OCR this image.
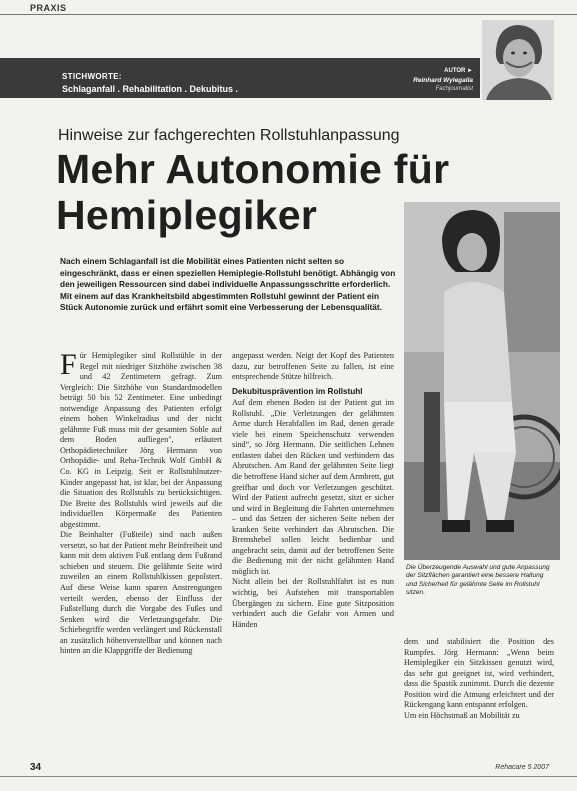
PRAXIS
STICHWORTE:
Schlaganfall . Rehabilitation . Dekubitus .
AUTOR ►
Reinhard Wylegalla
Fachjournalist
Hinweise zur fachgerechten Rollstuhlanpassung
Mehr Autonomie für
Hemiplegiker
Nach einem Schlaganfall ist die Mobilität eines Patienten nicht selten so eingeschränkt, dass er einen speziellen Hemiplegie-Rollstuhl benötigt. Abhängig von den jeweiligen Ressourcen sind dabei individuelle Anpassungsschritte erforderlich. Mit einem auf das Krankheitsbild abgestimmten Rollstuhl gewinnt der Patient ein Stück Autonomie zurück und erfährt somit eine Verbesserung der Lebensqualität.

Für Hemiplegiker sind Rollstühle in der Regel mit niedriger Sitzhöhe zwischen 38 und 42 Zentimetern gefragt. Zum Vergleich: Die Sitzhöhe von Standardmodellen beträgt 50 bis 52 Zentimeter. Eine unbedingt notwendige Anpassung des Patienten erfolgt einem hohen Winkelradius und der nicht gelähmte Fuß muss mit der gesamten Sohle auf dem Boden aufliegen", erläutert Orthopädietechniker Jörg Hermann von Orthopädie- und Reha-Technik Wolf GmbH & Co. KG in Leipzig. Seit er Rollstuhlnutzer-Kinder angepasst hat, ist klar, bei der Anpassung die Situation des Rollstuhls zu berücksichtigen. Die Breite des Rollstuhls wird jeweils auf die individuellen Körpermaße des Patienten abgestimmt.

Die Beinhalter (Fußteile) sind nach außen versetzt, so hat der Patient mehr Beinfreiheit und kann mit dem aktiven Fuß entlang dem Fußrand schieben und steuern. Die gelähmte Seite wird zuweilen an einem Rollstuhlkissen gepolstert. Auf diese Weise kann sparen Anstrengungen verteilt werden, ebenso der Einfluss der Fußstellung durch die Vorgabe des Fußes und Senken wird die Verletzungsgefahr. Die Schiebegriffe werden verlängert und Rückenstall an zusätzlich höhenverstellbar und können nach hinten an die Klappgriffe der Bedienung

angepasst werden. Neigt der Kopf des Patienten dazu, zur betroffenen Seite zu fallen, ist eine entsprechende Stütze hilfreich.

Dekubitusprävention im Rollstuhl

Auf dem ebenen Boden ist der Patient gut im Rollstuhl. „Die Verletzungen der gelähmten Arme durch Herabfallen im Rad, denen gerade viele bei einem Speichenschutz verwenden sind“, so Jörg Hermann. Die seitlichen Lehnen entlasten dabei den Rücken und verhindern das Abrutschen. Am Rand der gelähmten Seite liegt die betroffene Hand sicher auf dem Armbrett, gut greifbar und doch vor Verletzungen geschützt. Wird der Patient aufrecht gesetzt, sitzt er sicher und wird in Begleitung die Fahrten unternehmen – und das Setzen der sicheren Seite neben der kranken Seite verhindert das Abrutschen. Die Bremshebel sollen leicht bedienbar und angebracht sein, damit auf der betroffenen Seite die Bedienung mit der nicht gelähmten Hand möglich ist.

Nicht allein bei der Rollstuhlfahrt ist es nun wichtig, bei Aufstehen mit transportablen Übergängen zu sichern. Eine gute Sitzposition verhindert auch die Gefahr von Armen und Händen

Die Überzeugende Auswahl und gute Anpassung der Sitzflächen garantiert eine bessere Haltung und Sicherheit für gelähmte Seite im Rollstuhl sitzen.

dem und stabilisiert die Position des Rumpfes. Jörg Hermann: „Wenn beim Hemiplegiker ein Sitzkissen genutzt wird, das sehr gut geeignet ist, wird verhindert, dass die Spastik zunimmt. Durch die dezente Position wird die Atmung erleichtert und der Rückengang kann entspannt erfolgen.

Um ein Höchstmaß an Mobilität zu

34	Rehacare 5 2007
